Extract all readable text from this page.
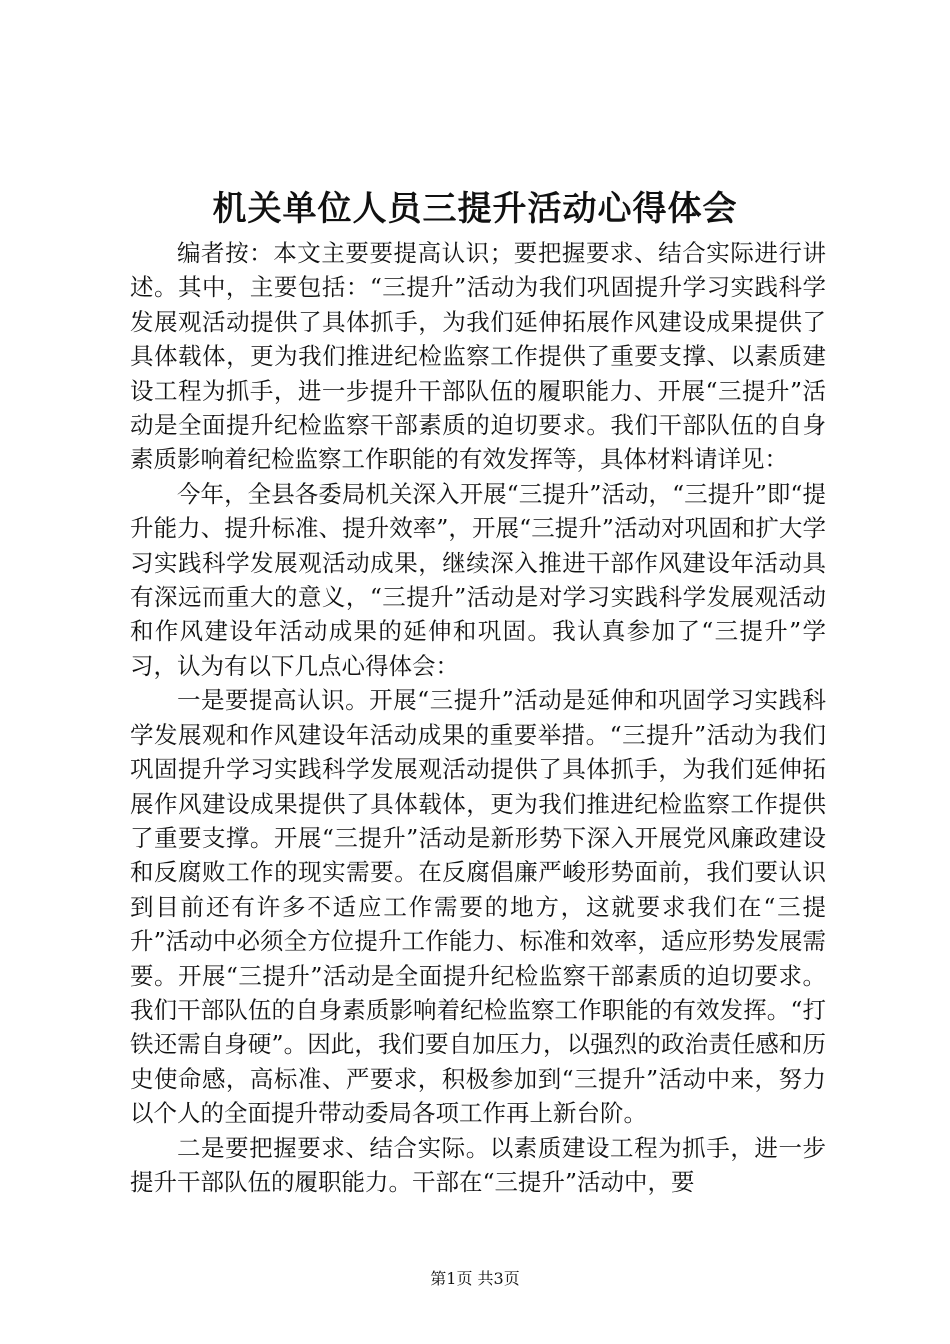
机关单位人员三提升活动心得体会

编者按：本文主要要提高认识；要把握要求、结合实际进行讲述。其中，主要包括：“三提升”活动为我们巩固提升学习实践科学发展观活动提供了具体抓手，为我们延伸拓展作风建设成果提供了具体载体，更为我们推进纪检监察工作提供了重要支撑、以素质建设工程为抓手，进一步提升干部队伍的履职能力、开展“三提升”活动是全面提升纪检监察干部素质的迫切要求。我们干部队伍的自身素质影响着纪检监察工作职能的有效发挥等，具体材料请详见：

今年，全县各委局机关深入开展“三提升”活动，“三提升”即“提升能力、提升标准、提升效率”，开展“三提升”活动对巩固和扩大学习实践科学发展观活动成果，继续深入推进干部作风建设年活动具有深远而重大的意义，“三提升”活动是对学习实践科学发展观活动和作风建设年活动成果的延伸和巩固。我认真参加了“三提升”学习，认为有以下几点心得体会：

一是要提高认识。开展“三提升”活动是延伸和巩固学习实践科学发展观和作风建设年活动成果的重要举措。“三提升”活动为我们巩固提升学习实践科学发展观活动提供了具体抓手，为我们延伸拓展作风建设成果提供了具体载体，更为我们推进纪检监察工作提供了重要支撑。开展“三提升”活动是新形势下深入开展党风廉政建设和反腐败工作的现实需要。在反腐倡廉严峻形势面前，我们要认识到目前还有许多不适应工作需要的地方，这就要求我们在“三提升”活动中必须全方位提升工作能力、标准和效率，适应形势发展需要。开展“三提升”活动是全面提升纪检监察干部素质的迫切要求。我们干部队伍的自身素质影响着纪检监察工作职能的有效发挥。“打铁还需自身硬”。因此，我们要自加压力，以强烈的政治责任感和历史使命感，高标准、严要求，积极参加到“三提升”活动中来，努力以个人的全面提升带动委局各项工作再上新台阶。

二是要把握要求、结合实际。以素质建设工程为抓手，进一步提升干部队伍的履职能力。干部在“三提升”活动中，要

第1页 共3页
